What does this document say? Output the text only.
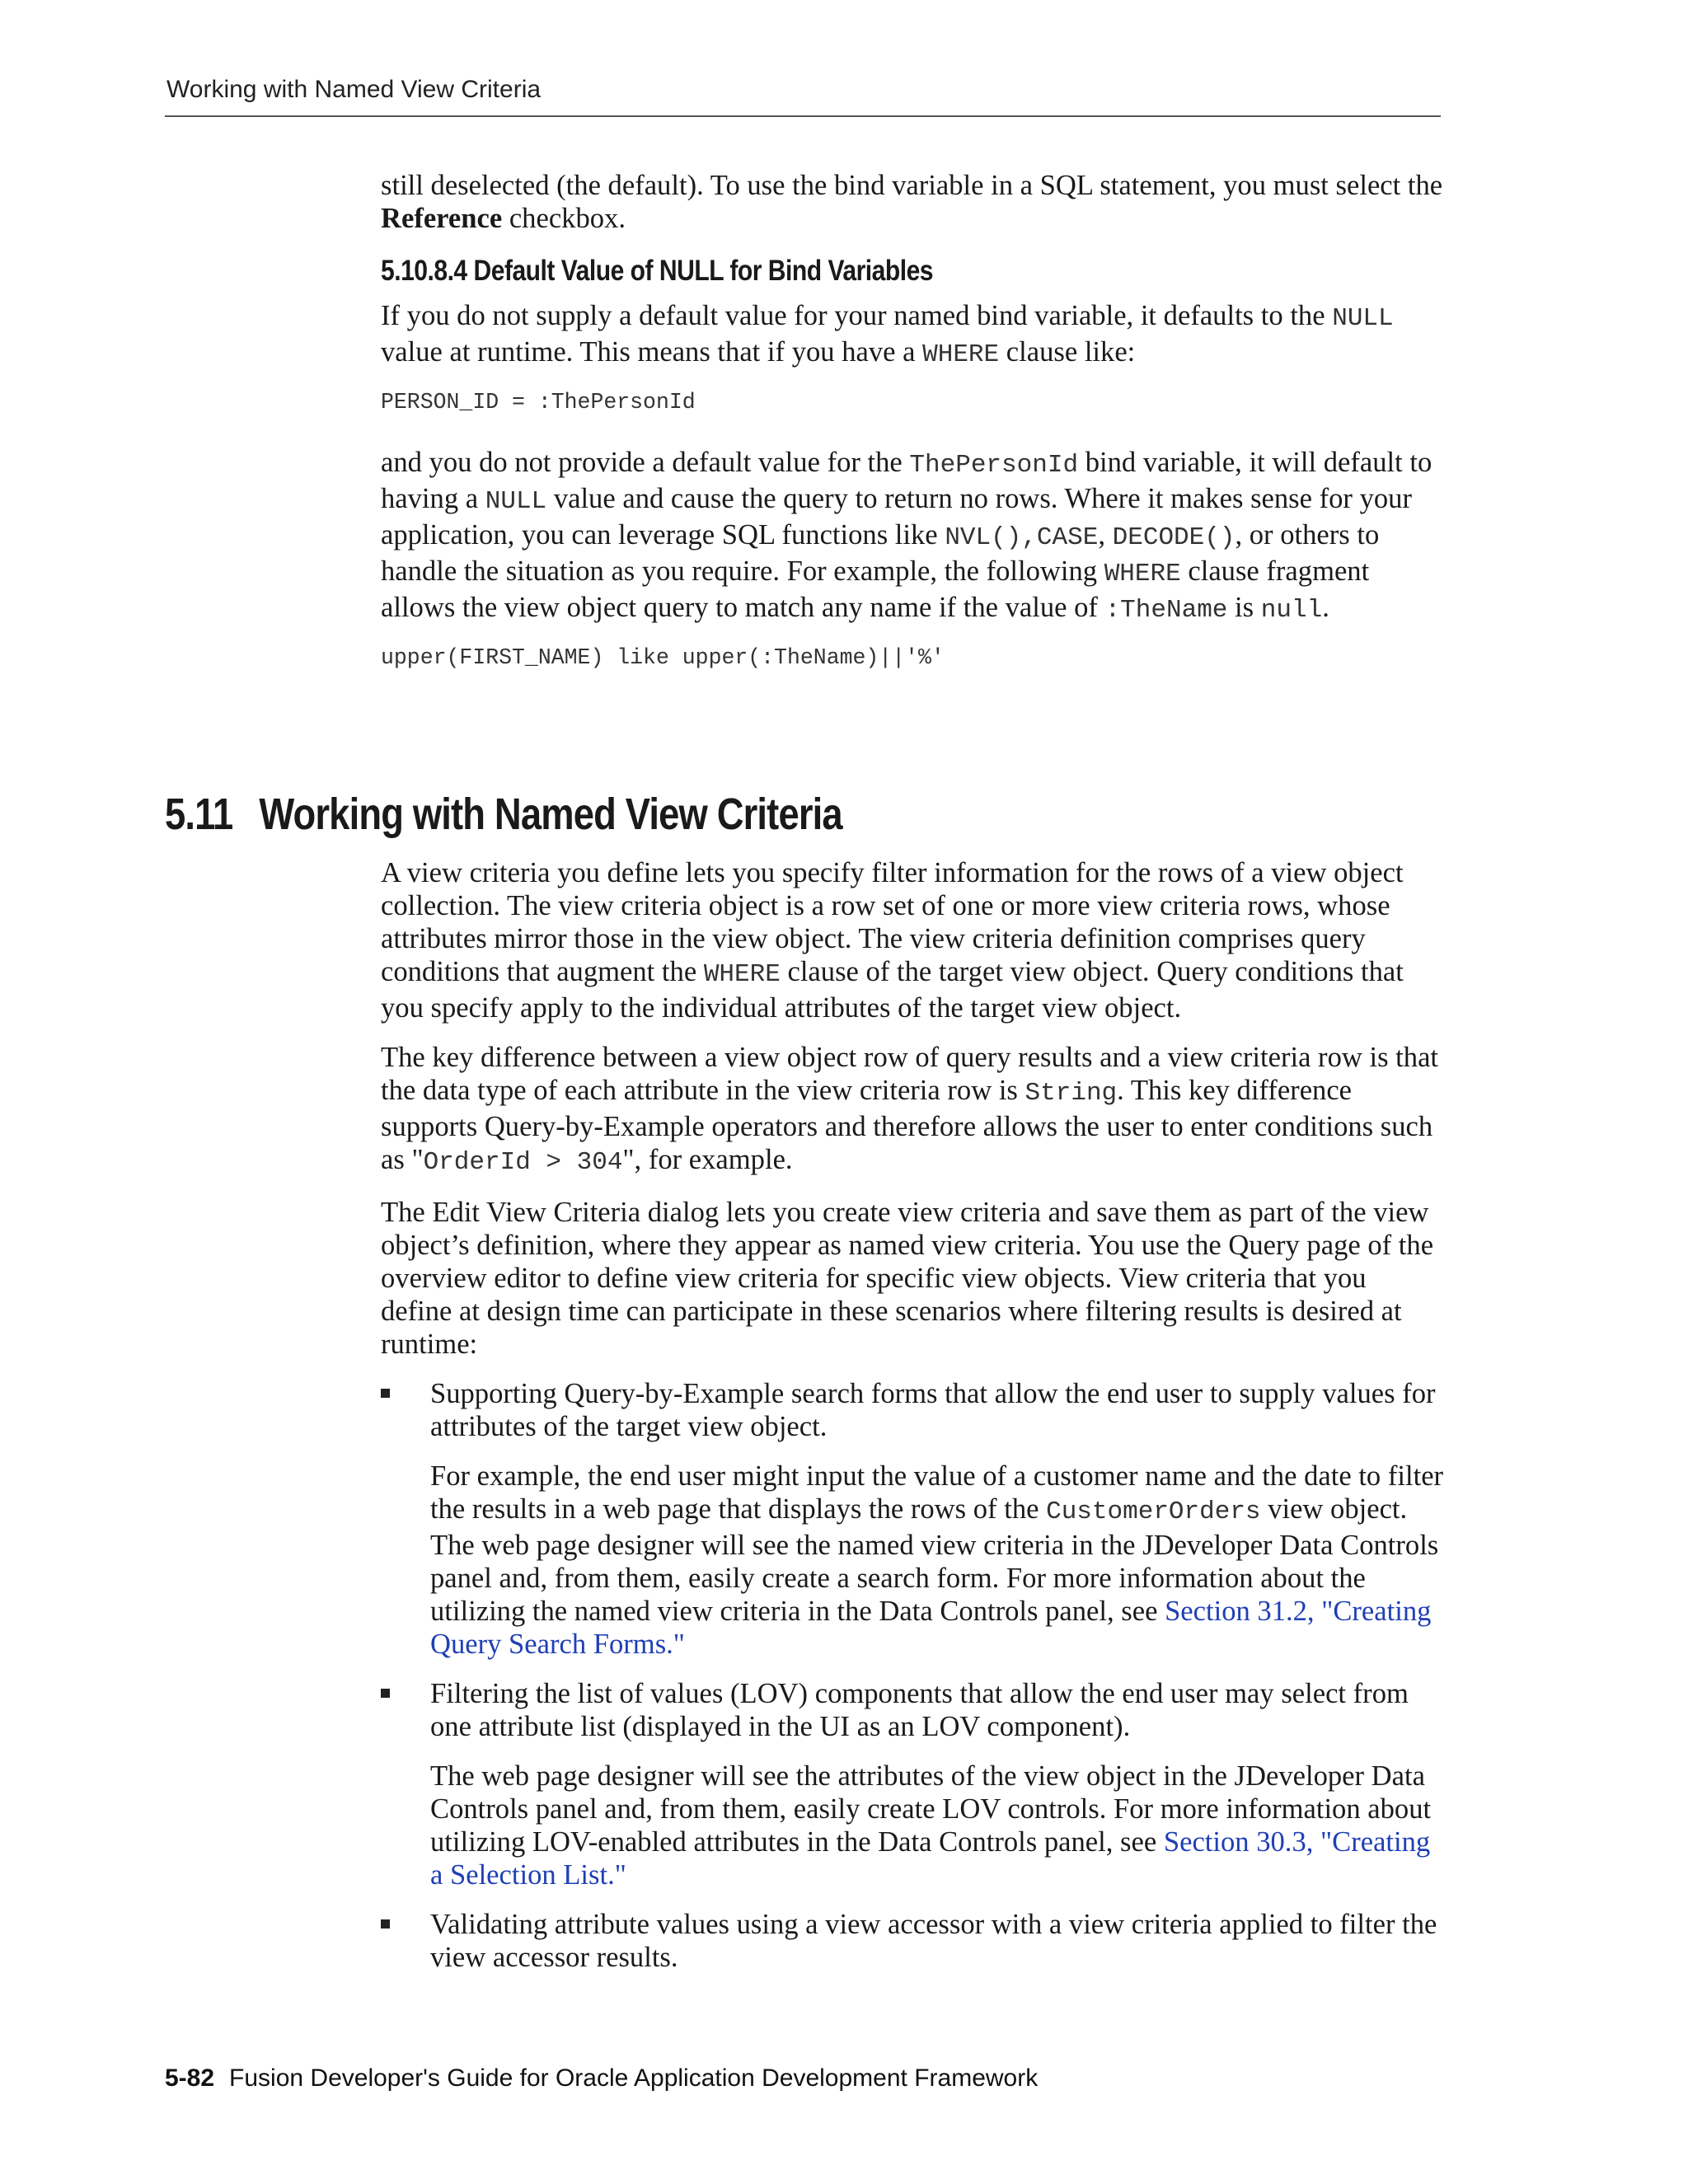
Working with Named View Criteria

still deselected (the default). To use the bind variable in a SQL statement, you must select the Reference checkbox.

5.10.8.4 Default Value of NULL for Bind Variables

If you do not supply a default value for your named bind variable, it defaults to the NULL value at runtime. This means that if you have a WHERE clause like:

PERSON_ID = :ThePersonId

and you do not provide a default value for the ThePersonId bind variable, it will default to having a NULL value and cause the query to return no rows. Where it makes sense for your application, you can leverage SQL functions like NVL(),CASE, DECODE(), or others to handle the situation as you require. For example, the following WHERE clause fragment allows the view object query to match any name if the value of :TheName is null.

upper(FIRST_NAME) like upper(:TheName)||'%'
5.11 Working with Named View Criteria

A view criteria you define lets you specify filter information for the rows of a view object collection. The view criteria object is a row set of one or more view criteria rows, whose attributes mirror those in the view object. The view criteria definition comprises query conditions that augment the WHERE clause of the target view object. Query conditions that you specify apply to the individual attributes of the target view object.

The key difference between a view object row of query results and a view criteria row is that the data type of each attribute in the view criteria row is String. This key difference supports Query-by-Example operators and therefore allows the user to enter conditions such as "OrderId > 304", for example.

The Edit View Criteria dialog lets you create view criteria and save them as part of the view object’s definition, where they appear as named view criteria. You use the Query page of the overview editor to define view criteria for specific view objects. View criteria that you define at design time can participate in these scenarios where filtering results is desired at runtime:

Supporting Query-by-Example search forms that allow the end user to supply values for attributes of the target view object.

For example, the end user might input the value of a customer name and the date to filter the results in a web page that displays the rows of the CustomerOrders view object. The web page designer will see the named view criteria in the JDeveloper Data Controls panel and, from them, easily create a search form. For more information about the utilizing the named view criteria in the Data Controls panel, see Section 31.2, "Creating Query Search Forms."

Filtering the list of values (LOV) components that allow the end user may select from one attribute list (displayed in the UI as an LOV component).

The web page designer will see the attributes of the view object in the JDeveloper Data Controls panel and, from them, easily create LOV controls. For more information about utilizing LOV-enabled attributes in the Data Controls panel, see Section 30.3, "Creating a Selection List."

Validating attribute values using a view accessor with a view criteria applied to filter the view accessor results.

5-82 Fusion Developer's Guide for Oracle Application Development Framework
